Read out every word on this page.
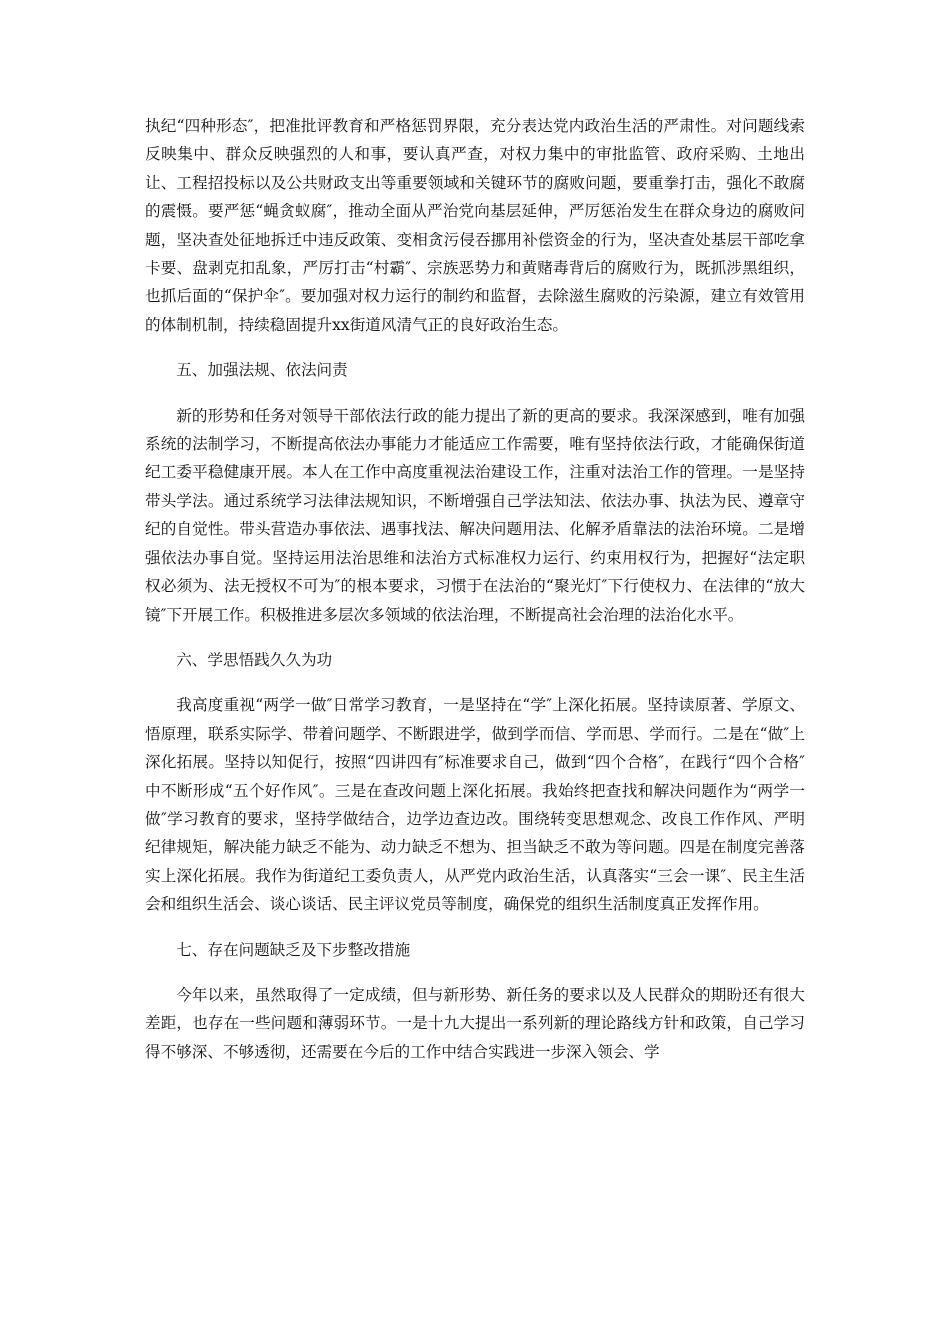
执纪“四种形态″，把准批评教育和严格惩罚界限，充分表达党内政治生活的严肃性。对问题线索反映集中、群众反映强烈的人和事，要认真严查，对权力集中的审批监管、政府采购、土地出让、工程招投标以及公共财政支出等重要领域和关键环节的腐败问题，要重拳打击，强化不敢腐的震慑。要严惩“蝇贪蚁腐″，推动全面从严治党向基层延伸，严厉惩治发生在群众身边的腐败问题，坚决查处征地拆迁中违反政策、变相贪污侵吞挪用补偿资金的行为，坚决查处基层干部吃拿卡要、盘剥克扣乱象，严厉打击“村霸″、宗族恶势力和黄赌毒背后的腐败行为，既抓涉黑组织，也抓后面的“保护伞″。要加强对权力运行的制约和监督，去除滋生腐败的污染源，建立有效管用的体制机制，持续稳固提升xx街道风清气正的良好政治生态。

五、加强法规、依法问责

新的形势和任务对领导干部依法行政的能力提出了新的更高的要求。我深深感到，唯有加强系统的法制学习，不断提高依法办事能力才能适应工作需要，唯有坚持依法行政，才能确保街道纪工委平稳健康开展。本人在工作中高度重视法治建设工作，注重对法治工作的管理。一是坚持带头学法。通过系统学习法律法规知识，不断增强自己学法知法、依法办事、执法为民、遵章守纪的自觉性。带头营造办事依法、遇事找法、解决问题用法、化解矛盾靠法的法治环境。二是增强依法办事自觉。坚持运用法治思维和法治方式标准权力运行、约束用权行为，把握好“法定职权必须为、法无授权不可为″的根本要求，习惯于在法治的“聚光灯″下行使权力、在法律的“放大镜″下开展工作。积极推进多层次多领域的依法治理，不断提高社会治理的法治化水平。

六、学思悟践久久为功

我高度重视“两学一做″日常学习教育，一是坚持在“学″上深化拓展。坚持读原著、学原文、悟原理，联系实际学、带着问题学、不断跟进学，做到学而信、学而思、学而行。二是在“做″上深化拓展。坚持以知促行，按照“四讲四有″标准要求自己，做到“四个合格″，在践行“四个合格″中不断形成“五个好作风″。三是在查改问题上深化拓展。我始终把查找和解决问题作为“两学一做″学习教育的要求，坚持学做结合，边学边查边改。围绕转变思想观念、改良工作作风、严明纪律规矩，解决能力缺乏不能为、动力缺乏不想为、担当缺乏不敢为等问题。四是在制度完善落实上深化拓展。我作为街道纪工委负责人，从严党内政治生活，认真落实“三会一课″、民主生活会和组织生活会、谈心谈话、民主评议党员等制度，确保党的组织生活制度真正发挥作用。

七、存在问题缺乏及下步整改措施

今年以来，虽然取得了一定成绩，但与新形势、新任务的要求以及人民群众的期盼还有很大差距，也存在一些问题和薄弱环节。一是十九大提出一系列新的理论路线方针和政策，自己学习得不够深、不够透彻，还需要在今后的工作中结合实践进一步深入领会、学
